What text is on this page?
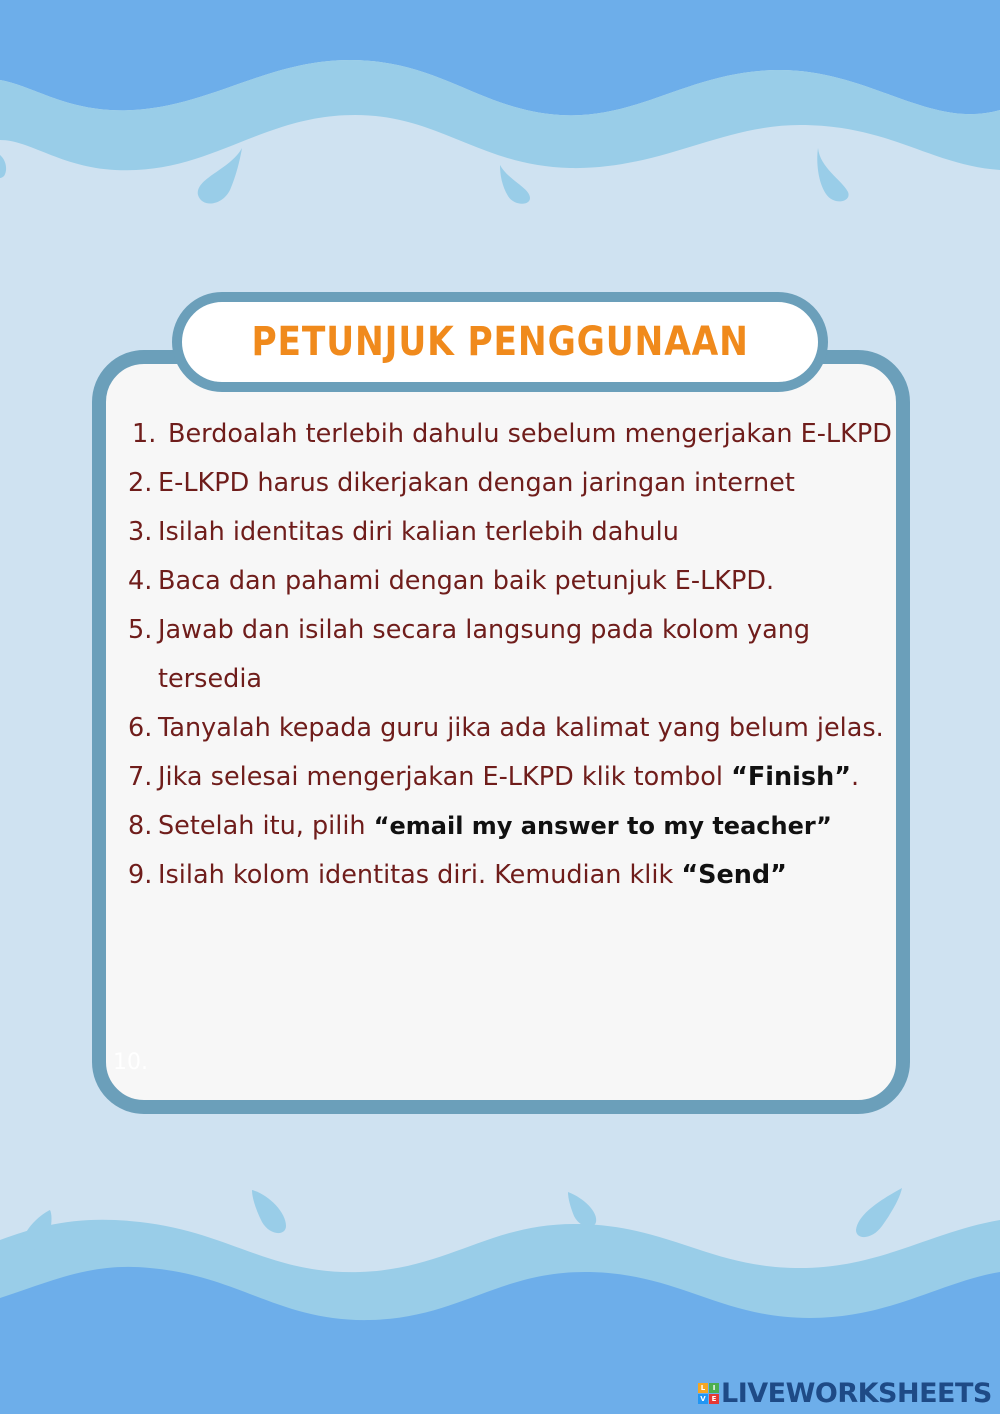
PETUNJUK PENGGUNAAN
1. Berdoalah terlebih dahulu sebelum mengerjakan E-LKPD
2. E-LKPD harus dikerjakan dengan jaringan internet
3. Isilah identitas diri kalian terlebih dahulu
4. Baca dan pahami dengan baik petunjuk E-LKPD.
5. Jawab dan isilah secara langsung pada kolom yang tersedia
6. Tanyalah kepada guru jika ada kalimat yang belum jelas.
7. Jika selesai mengerjakan E-LKPD klik tombol “Finish”.
8. Setelah itu, pilih “email my answer to my teacher”
9. Isilah kolom identitas diri. Kemudian klik “Send”
10.
L	I
V E LIVEWORKSHEETS
